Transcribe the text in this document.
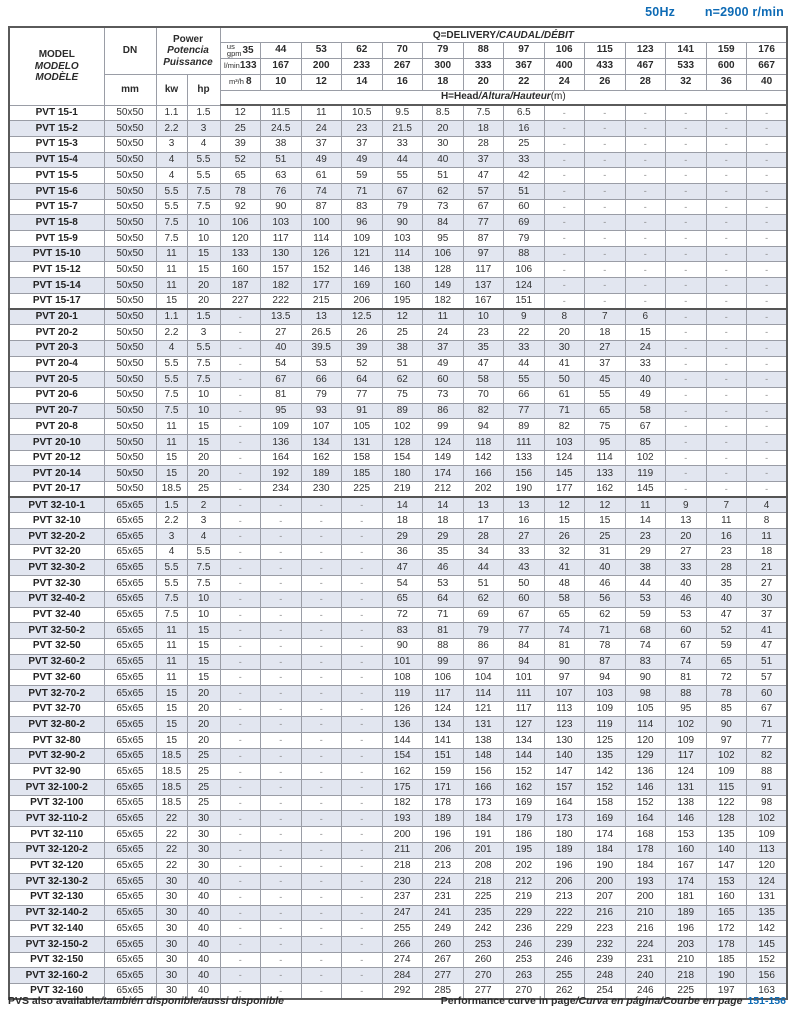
50Hz n=2900 r/min
MODEL
MODELO
MODÈLE
	DN	
Power
Potencia
Puissance
	Q=DELIVERY/CAUDAL/DÉBIT

				us
gpm 35	44	53	62	70	79	88	97	106	115	123	141	159	176
				l/min133	167	200	233	267	300	333	367	400	433	467	533	600	667
	mm	kw	hp	m³/h 8	10	12	14	16	18	20	22	24	26	28	32	36	40
				H=Head/Altura/Hauteur(m)													
PVT 15-1	50x50	1.1	1.5	12	11.5	11	10.5	9.5	8.5	7.5	6.5	-	-	-	-	-	-
PVT 15-2	50x50	2.2	3	25	24.5	24	23	21.5	20	18	16	-	-	-	-	-	-
PVT 15-3	50x50	3	4	39	38	37	37	33	30	28	25	-	-	-	-	-	-
PVT 15-4	50x50	4	5.5	52	51	49	49	44	40	37	33	-	-	-	-	-	-
PVT 15-5	50x50	4	5.5	65	63	61	59	55	51	47	42	-	-	-	-	-	-
PVT 15-6	50x50	5.5	7.5	78	76	74	71	67	62	57	51	-	-	-	-	-	-
PVT 15-7	50x50	5.5	7.5	92	90	87	83	79	73	67	60	-	-	-	-	-	-
PVT 15-8	50x50	7.5	10	106	103	100	96	90	84	77	69	-	-	-	-	-	-
PVT 15-9	50x50	7.5	10	120	117	114	109	103	95	87	79	-	-	-	-	-	-
PVT 15-10	50x50	11	15	133	130	126	121	114	106	97	88	-	-	-	-	-	-
PVT 15-12	50x50	11	15	160	157	152	146	138	128	117	106	-	-	-	-	-	-
PVT 15-14	50x50	11	20	187	182	177	169	160	149	137	124	-	-	-	-	-	-
PVT 15-17	50x50	15	20	227	222	215	206	195	182	167	151	-	-	-	-	-	-
PVT 20-1	50x50	1.1	1.5	-	13.5	13	12.5	12	11	10	9	8	7	6	-	-	-
PVT 20-2	50x50	2.2	3	-	27	26.5	26	25	24	23	22	20	18	15	-	-	-
PVT 20-3	50x50	4	5.5	-	40	39.5	39	38	37	35	33	30	27	24	-	-	-
PVT 20-4	50x50	5.5	7.5	-	54	53	52	51	49	47	44	41	37	33	-	-	-
PVT 20-5	50x50	5.5	7.5	-	67	66	64	62	60	58	55	50	45	40	-	-	-
PVT 20-6	50x50	7.5	10	-	81	79	77	75	73	70	66	61	55	49	-	-	-
PVT 20-7	50x50	7.5	10	-	95	93	91	89	86	82	77	71	65	58	-	-	-
PVT 20-8	50x50	11	15	-	109	107	105	102	99	94	89	82	75	67	-	-	-
PVT 20-10	50x50	11	15	-	136	134	131	128	124	118	111	103	95	85	-	-	-
PVT 20-12	50x50	15	20	-	164	162	158	154	149	142	133	124	114	102	-	-	-
PVT 20-14	50x50	15	20	-	192	189	185	180	174	166	156	145	133	119	-	-	-
PVT 20-17	50x50	18.5	25	-	234	230	225	219	212	202	190	177	162	145	-	-	-
PVT 32-10-1	65x65	1.5	2	-	-	-	-	14	14	13	13	12	12	11	9	7	4
PVT 32-10	65x65	2.2	3	-	-	-	-	18	18	17	16	15	15	14	13	11	8
PVT 32-20-2	65x65	3	4	-	-	-	-	29	29	28	27	26	25	23	20	16	11
PVT 32-20	65x65	4	5.5	-	-	-	-	36	35	34	33	32	31	29	27	23	18
PVT 32-30-2	65x65	5.5	7.5	-	-	-	-	47	46	44	43	41	40	38	33	28	21
PVT 32-30	65x65	5.5	7.5	-	-	-	-	54	53	51	50	48	46	44	40	35	27
PVT 32-40-2	65x65	7.5	10	-	-	-	-	65	64	62	60	58	56	53	46	40	30
PVT 32-40	65x65	7.5	10	-	-	-	-	72	71	69	67	65	62	59	53	47	37
PVT 32-50-2	65x65	11	15	-	-	-	-	83	81	79	77	74	71	68	60	52	41
PVT 32-50	65x65	11	15	-	-	-	-	90	88	86	84	81	78	74	67	59	47
PVT 32-60-2	65x65	11	15	-	-	-	-	101	99	97	94	90	87	83	74	65	51
PVT 32-60	65x65	11	15	-	-	-	-	108	106	104	101	97	94	90	81	72	57
PVT 32-70-2	65x65	15	20	-	-	-	-	119	117	114	111	107	103	98	88	78	60
PVT 32-70	65x65	15	20	-	-	-	-	126	124	121	117	113	109	105	95	85	67
PVT 32-80-2	65x65	15	20	-	-	-	-	136	134	131	127	123	119	114	102	90	71
PVT 32-80	65x65	15	20	-	-	-	-	144	141	138	134	130	125	120	109	97	77
PVT 32-90-2	65x65	18.5	25	-	-	-	-	154	151	148	144	140	135	129	117	102	82
PVT 32-90	65x65	18.5	25	-	-	-	-	162	159	156	152	147	142	136	124	109	88
PVT 32-100-2	65x65	18.5	25	-	-	-	-	175	171	166	162	157	152	146	131	115	91
PVT 32-100	65x65	18.5	25	-	-	-	-	182	178	173	169	164	158	152	138	122	98
PVT 32-110-2	65x65	22	30	-	-	-	-	193	189	184	179	173	169	164	146	128	102
PVT 32-110	65x65	22	30	-	-	-	-	200	196	191	186	180	174	168	153	135	109
PVT 32-120-2	65x65	22	30	-	-	-	-	211	206	201	195	189	184	178	160	140	113
PVT 32-120	65x65	22	30	-	-	-	-	218	213	208	202	196	190	184	167	147	120
PVT 32-130-2	65x65	30	40	-	-	-	-	230	224	218	212	206	200	193	174	153	124
PVT 32-130	65x65	30	40	-	-	-	-	237	231	225	219	213	207	200	181	160	131
PVT 32-140-2	65x65	30	40	-	-	-	-	247	241	235	229	222	216	210	189	165	135
PVT 32-140	65x65	30	40	-	-	-	-	255	249	242	236	229	223	216	196	172	142
PVT 32-150-2	65x65	30	40	-	-	-	-	266	260	253	246	239	232	224	203	178	145
PVT 32-150	65x65	30	40	-	-	-	-	274	267	260	253	246	239	231	210	185	152
PVT 32-160-2	65x65	30	40	-	-	-	-	284	277	270	263	255	248	240	218	190	156
PVT 32-160	65x65	30	40	-	-	-	-	292	285	277	270	262	254	246	225	197	163
PVS also available/también disponible/aussi disponible	Performance curve in page/Curva en página/Courbe en page 151-156
